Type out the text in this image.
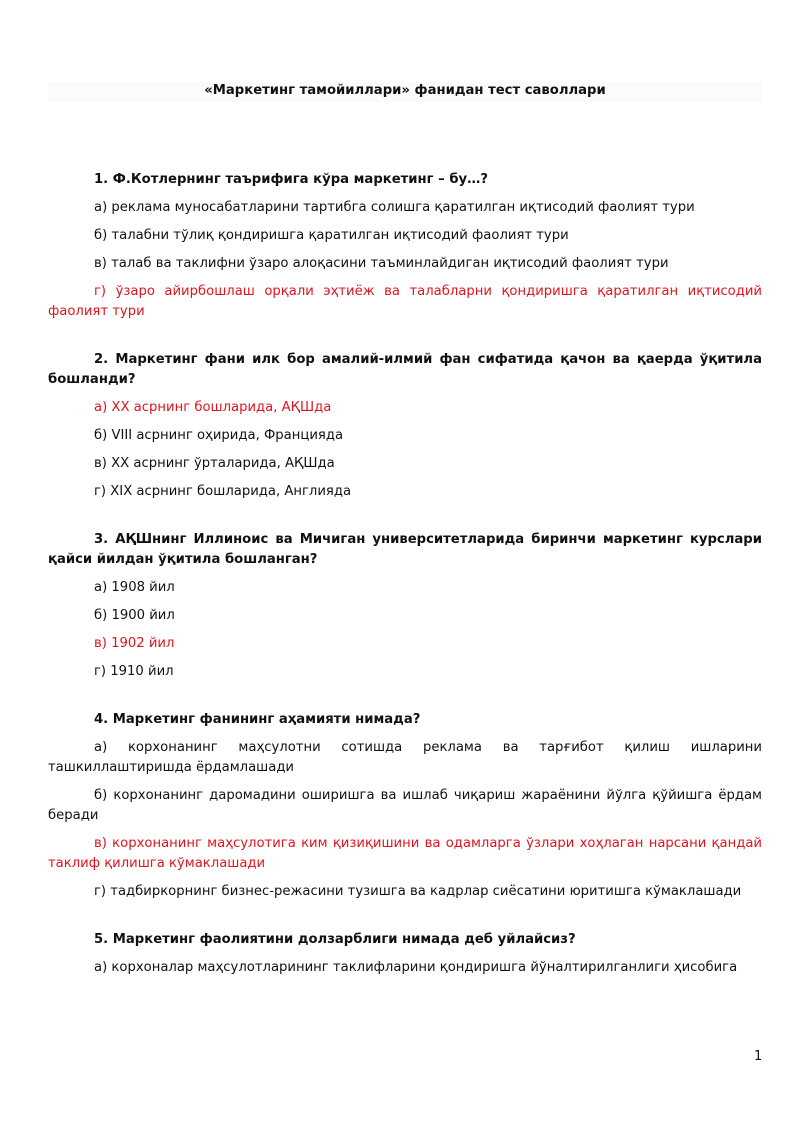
«Маркетинг тамойиллари» фанидан тест саволлари

1. Ф.Котлернинг таърифига кўра маркетинг – бу…?

а) реклама муносабатларини тартибга солишга қаратилган иқтисодий фаолият тури

б) талабни тўлиқ қондиришга қаратилган иқтисодий фаолият тури

в) талаб ва таклифни ўзаро алоқасини таъминлайдиган иқтисодий фаолият тури

г) ўзаро айирбошлаш орқали эҳтиёж ва талабларни қондиришга қаратилган иқтисодий фаолият тури

2. Маркетинг фани илк бор амалий-илмий фан сифатида қачон ва қаерда ўқитила бошланди?

а) XX асрнинг бошларида, АҚШда

б) VIII асрнинг оҳирида, Францияда

в) XX асрнинг ўрталарида, АҚШда

г) XIX асрнинг бошларида, Англияда

3. АҚШнинг Иллиноис ва Мичиган университетларида биринчи маркетинг курслари қайси йилдан ўқитила бошланган?

а) 1908 йил

б) 1900 йил

в) 1902 йил

г) 1910 йил

4. Маркетинг фанининг аҳамияти нимада?

а) корхонанинг маҳсулотни сотишда реклама ва тарғибот қилиш ишларини ташкиллаштиришда ёрдамлашади

б) корхонанинг даромадини оширишга ва ишлаб чиқариш жараёнини йўлга қўйишга ёрдам беради

в) корхонанинг маҳсулотига ким қизиқишини ва одамларга ўзлари хоҳлаган нарсани қандай таклиф қилишга кўмаклашади

г) тадбиркорнинг бизнес-режасини тузишга ва кадрлар сиёсатини юритишга кўмаклашади

5. Маркетинг фаолиятини долзарблиги нимада деб уйлайсиз?

а) корхоналар маҳсулотларининг таклифларини қондиришга йўналтирилганлиги ҳисобига

1
